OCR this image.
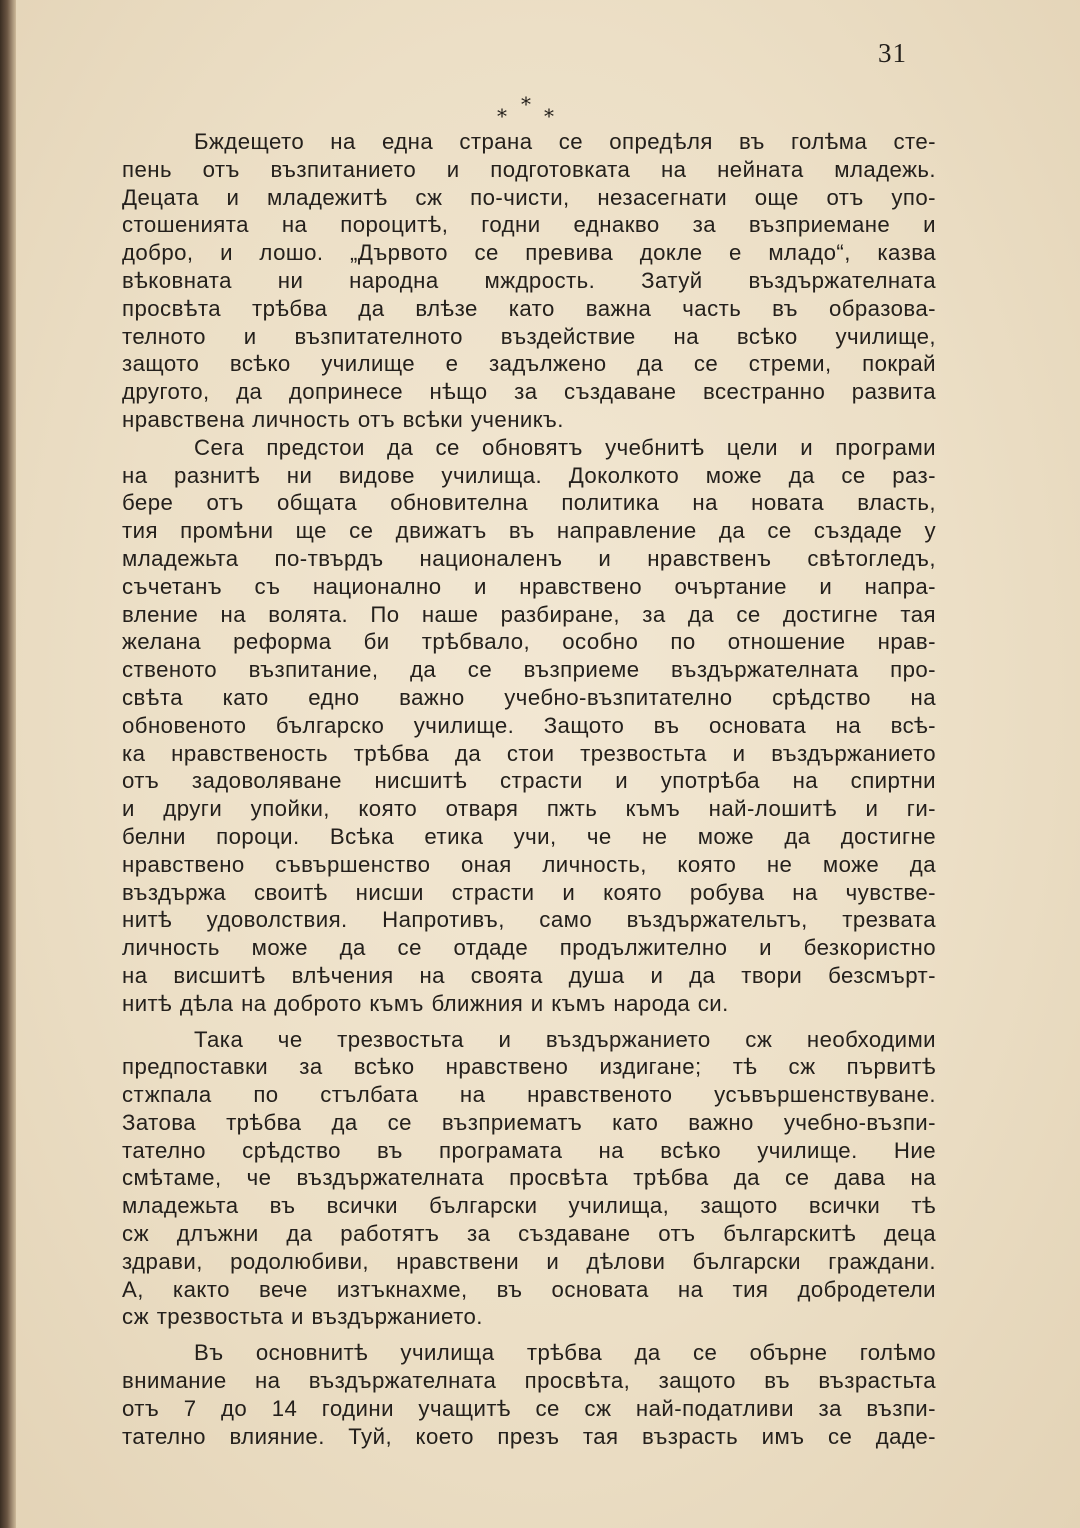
31
*
* *
Бждещето на една страна се опредѣля въ голѣма сте-
пень отъ възпитанието и подготовката на нейната младежь.
Децата и младежитѣ сж по-чисти, незасегнати още отъ упо-
стошенията на пороцитѣ, годни еднакво за възприемане и
добро, и лошо. „Дървото се превива докле е младо“, казва
вѣковната ни народна мждрость. Затуй въздържателната
просвѣта трѣбва да влѣзе като важна часть въ образова-
телното и възпитателното въздействие на всѣко училище,
защото всѣко училище е задължено да се стреми, покрай
другото, да допринесе нѣщо за създаване всестранно развита
нравствена личность отъ всѣки ученикъ.
Сега предстои да се обновятъ учебнитѣ цели и програми
на разнитѣ ни видове училища. Доколкото може да се раз-
бере отъ общата обновителна политика на новата власть,
тия промѣни ще се движатъ въ направление да се създаде у
младежьта по-твърдъ националенъ и нравственъ свѣтогледъ,
съчетанъ съ национално и нравствено очъртание и напра-
вление на волята. По наше разбиране, за да се достигне тая
желана реформа би трѣбвало, особно по отношение нрав-
ственото възпитание, да се възприеме въздържателната про-
свѣта като едно важно учебно-възпитателно срѣдство на
обновеното българско училище. Защото въ основата на всѣ-
ка нравственость трѣбва да стои трезвостьта и въздържанието
отъ задоволяване нисшитѣ страсти и употрѣба на спиртни
и други упойки, която отваря пжть къмъ най-лошитѣ и ги-
белни пороци. Всѣка етика учи, че не може да достигне
нравствено съвършенство оная личность, която не може да
въздържа своитѣ нисши страсти и която робува на чувстве-
нитѣ удоволствия. Напротивъ, само въздържательтъ, трезвата
личность може да се отдаде продължително и безкористно
на висшитѣ влѣчения на своята душа и да твори безсмърт-
нитѣ дѣла на доброто къмъ ближния и къмъ народа си.
Така че трезвостьта и въздържанието сж необходими
предпоставки за всѣко нравствено издигане; тѣ сж първитѣ
стжпала по стълбата на нравственото усъвършенствуване.
Затова трѣбва да се възприематъ като важно учебно-възпи-
тателно срѣдство въ програмата на всѣко училище. Ние
смѣтаме, че въздържателната просвѣта трѣбва да се дава на
младежьта въ всички български училища, защото всички тѣ
сж длъжни да работятъ за създаване отъ българскитѣ деца
здрави, родолюбиви, нравствени и дѣлови български граждани.
А, както вече изтъкнахме, въ основата на тия добродетели
сж трезвостьта и въздържанието.
Въ основнитѣ училища трѣбва да се обърне голѣмо
внимание на въздържателната просвѣта, защото въ възрастьта
отъ 7 до 14 години учащитѣ се сж най-податливи за възпи-
тателно влияние. Туй, което презъ тая възрасть имъ се даде-
